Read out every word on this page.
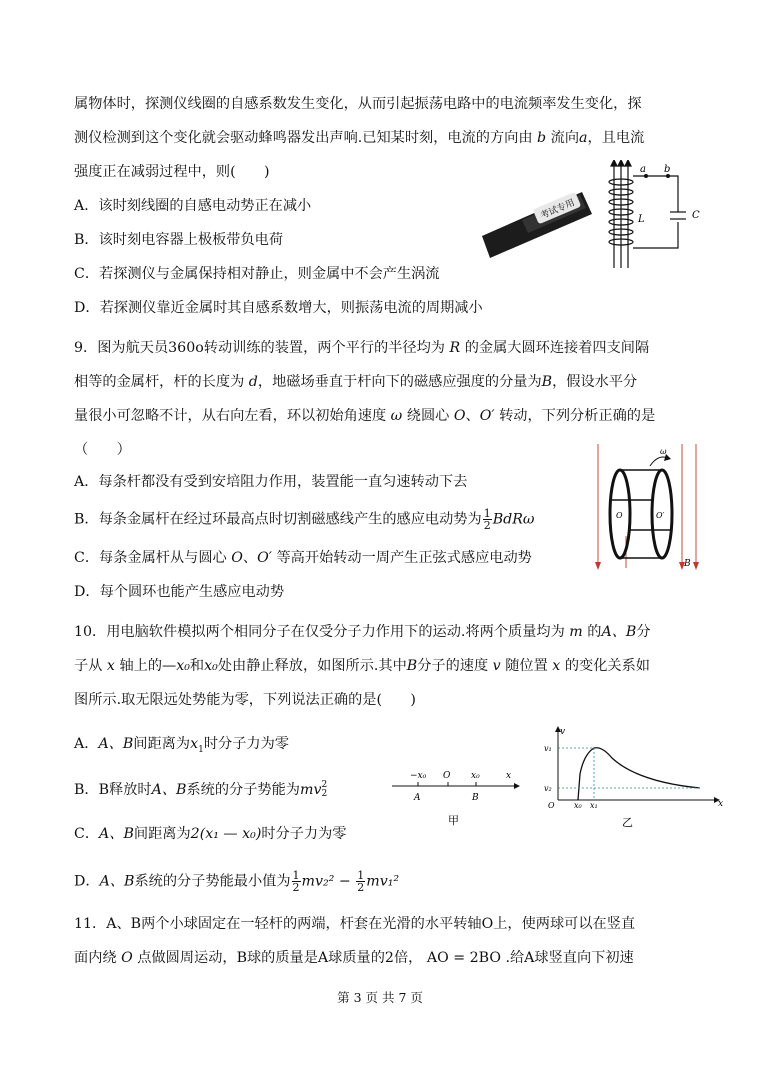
属物体时，探测仪线圈的自感系数发生变化，从而引起振荡电路中的电流频率发生变化，探
测仪检测到这个变化就会驱动蜂鸣器发出声响.已知某时刻，电流的方向由 b 流向a，且电流
强度正在减弱过程中，则(　　)
A．该时刻线圈的自感电动势正在减小
B．该时刻电容器上极板带负电荷
C．若探测仪与金属保持相对静止，则金属中不会产生涡流
D．若探测仪靠近金属时其自感系数增大，则振荡电流的周期减小
考试专用
a b
L	C
9．图为航天员360o转动训练的装置，两个平行的半径均为 R 的金属大圆环连接着四支间隔
相等的金属杆，杆的长度为 d，地磁场垂直于杆向下的磁感应强度的分量为B，假设水平分
量很小可忽略不计，从右向左看，环以初始角速度 ω 绕圆心 O、O′ 转动，下列分析正确的是
（　　）
A．每条杆都没有受到安培阻力作用，装置能一直匀速转动下去
B．每条金属杆在经过环最高点时切割磁感线产生的感应电动势为 $\frac{1}{2}$ BdRω
C．每条金属杆从与圆心 O、O′ 等高开始转动一周产生正弦式感应电动势
D．每个圆环也能产生感应电动势
ω
O	O′
B
10．用电脑软件模拟两个相同分子在仅受分子力作用下的运动.将两个质量均为 m 的A、B分
子从 x 轴上的—x₀和x₀处由静止释放，如图所示.其中B分子的速度 v 随位置 x 的变化关系如
图所示.取无限远处势能为零，下列说法正确的是(　　)
A．A、B间距离为$x_1$时分子力为零
B．B释放时A、B系统的分子势能为mv 2
2
C．A、B间距离为2(x₁ — x₀)时分子力为零
D．A、B系统的分子势能最小值为 $\frac{1}{2} mv_2^2 - \frac{1}{2} mv_1^2$
−x₀ O x₀	x
A	B
甲
v
v₁
v₂
O x₀ x₁	x
乙
11．A、B两个小球固定在一轻杆的两端，杆套在光滑的水平转轴O上，使两球可以在竖直
面内绕 O 点做圆周运动，B球的质量是A球质量的2倍， AO = 2BO .给A球竖直向下初速
第 3 页 共 7 页
